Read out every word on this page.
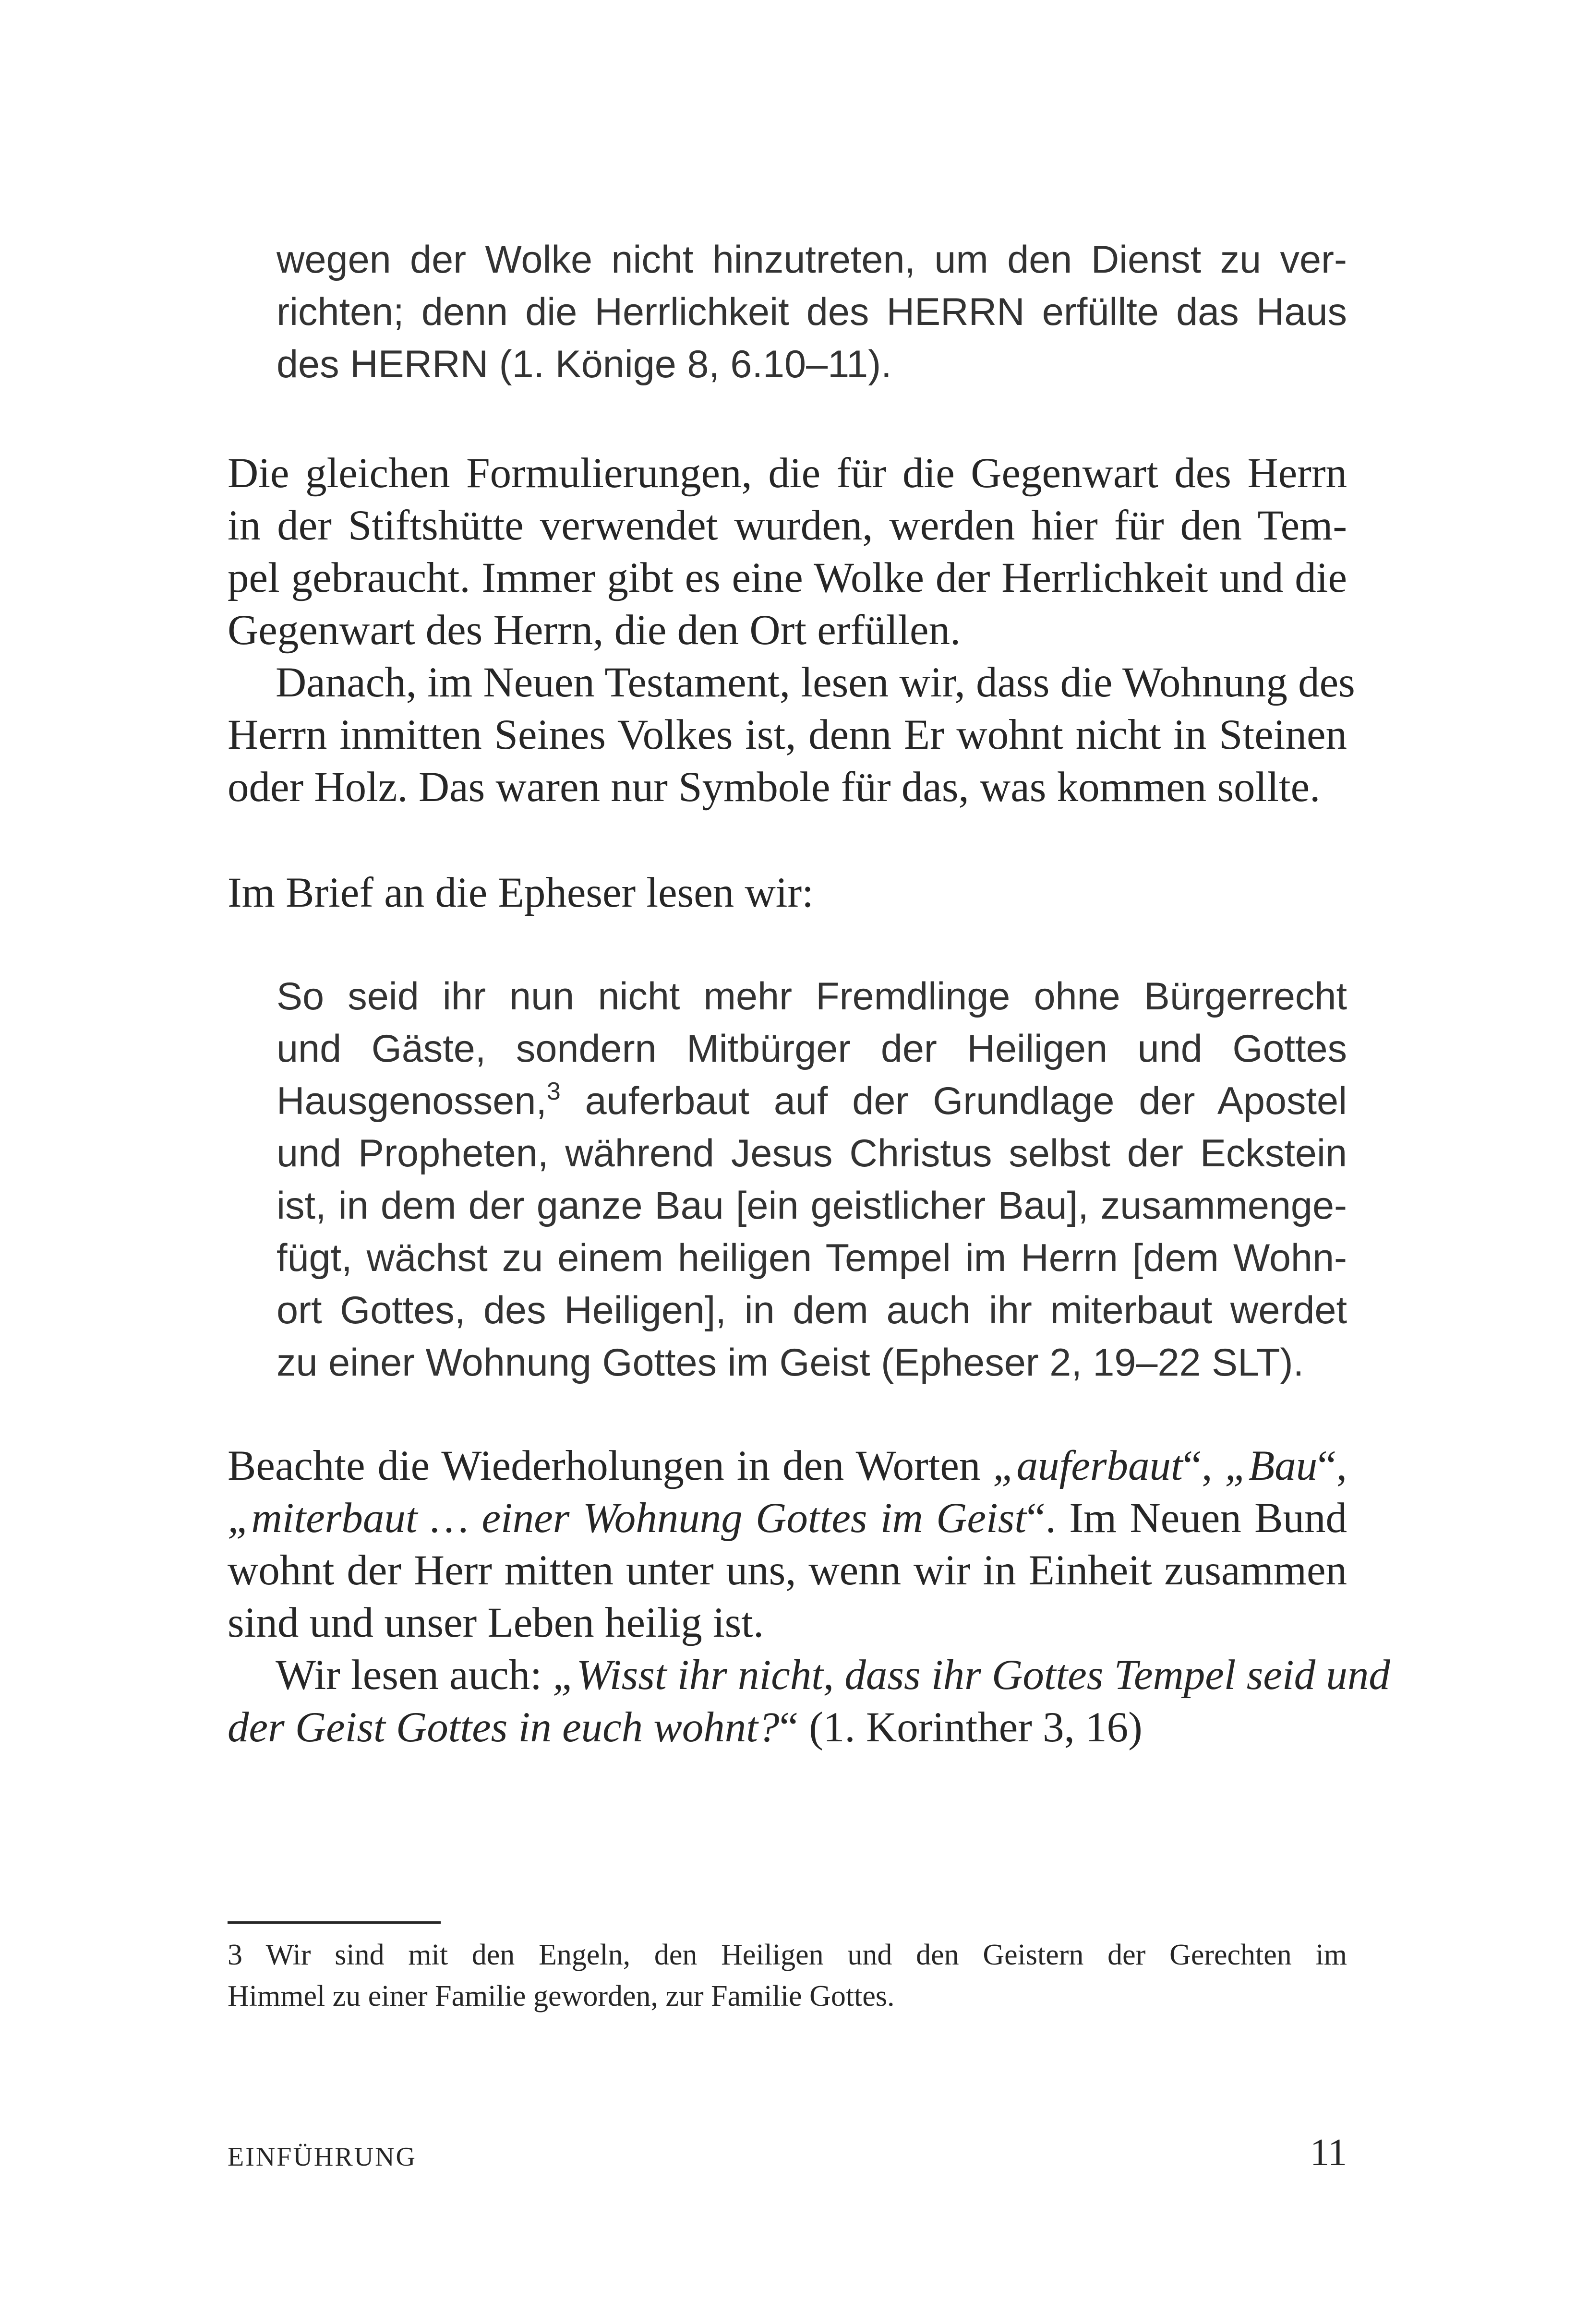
wegen der Wolke nicht hinzutreten, um den Dienst zu ver-
richten; denn die Herrlichkeit des HERRN erfüllte das Haus
des HERRN (1. Könige 8, 6.10–11).
Die gleichen Formulierungen, die für die Gegenwart des Herrn
in der Stiftshütte verwendet wurden, werden hier für den Tem-
pel gebraucht. Immer gibt es eine Wolke der Herrlichkeit und die
Gegenwart des Herrn, die den Ort erfüllen.
Danach, im Neuen Testament, lesen wir, dass die Wohnung des
Herrn inmitten Seines Volkes ist, denn Er wohnt nicht in Steinen
oder Holz. Das waren nur Symbole für das, was kommen sollte.
Im Brief an die Epheser lesen wir:
So seid ihr nun nicht mehr Fremdlinge ohne Bürgerrecht
und Gäste, sondern Mitbürger der Heiligen und Gottes
Hausgenossen,$^3$ auferbaut auf der Grundlage der Apostel
und Propheten, während Jesus Christus selbst der Eckstein
ist, in dem der ganze Bau [ein geistlicher Bau], zusammenge-
fügt, wächst zu einem heiligen Tempel im Herrn [dem Wohn-
ort Gottes, des Heiligen], in dem auch ihr miterbaut werdet
zu einer Wohnung Gottes im Geist (Epheser 2, 19–22 SLT).
Beachte die Wiederholungen in den Worten „auferbaut“, „Bau“,
„miterbaut … einer Wohnung Gottes im Geist“. Im Neuen Bund
wohnt der Herr mitten unter uns, wenn wir in Einheit zusammen
sind und unser Leben heilig ist.
Wir lesen auch: „Wisst ihr nicht, dass ihr Gottes Tempel seid und
der Geist Gottes in euch wohnt?“ (1. Korinther 3, 16)
3 Wir sind mit den Engeln, den Heiligen und den Geistern der Gerechten im
Himmel zu einer Familie geworden, zur Familie Gottes.
EINFÜHRUNG	11
